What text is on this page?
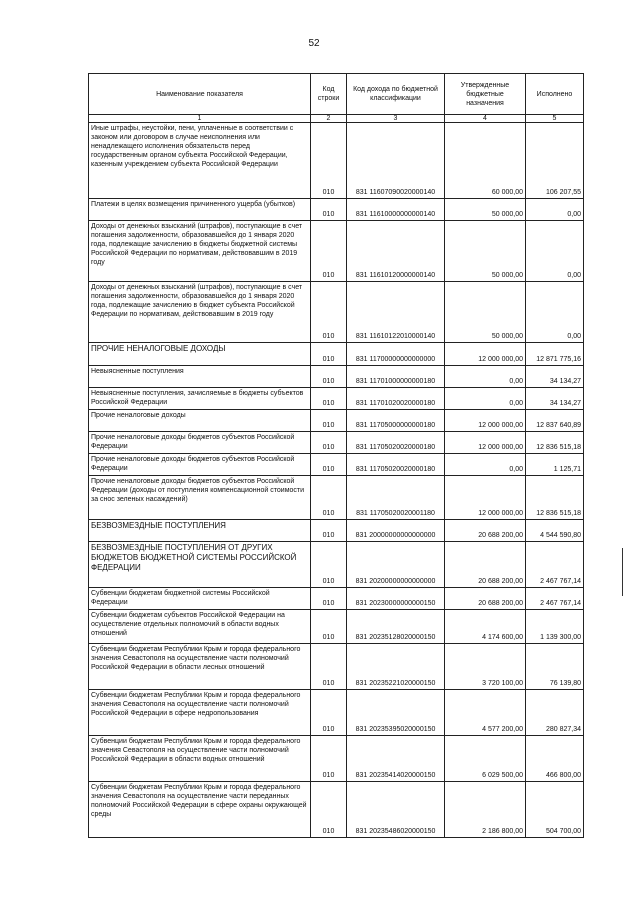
52
Наименование показателя	Код строки	Код дохода по бюджетной классификации	Утвержденные бюджетные назначения	Исполнено
1	2	3	4	5
Иные штрафы, неустойки, пени, уплаченные в соответствии с законом или договором в случае неисполнения или ненадлежащего исполнения обязательств перед государственным органом субъекта Российской Федерации, казенным учреждением субъекта Российской Федерации	010	831 11607090020000140	60 000,00	106 207,55
Платежи в целях возмещения причиненного ущерба (убытков)	010	831 11610000000000140	50 000,00	0,00
Доходы от денежных взысканий (штрафов), поступающие в счет погашения задолженности, образовавшейся до 1 января 2020 года, подлежащие зачислению в бюджеты бюджетной системы Российской Федерации по нормативам, действовавшим в 2019 году	010	831 11610120000000140	50 000,00	0,00
Доходы от денежных взысканий (штрафов), поступающие в счет погашения задолженности, образовавшейся до 1 января 2020 года, подлежащие зачислению в бюджет субъекта Российской Федерации по нормативам, действовавшим в 2019 году	010	831 11610122010000140	50 000,00	0,00
ПРОЧИЕ НЕНАЛОГОВЫЕ ДОХОДЫ	010	831 11700000000000000	12 000 000,00	12 871 775,16
Невыясненные поступления	010	831 11701000000000180	0,00	34 134,27
Невыясненные поступления, зачисляемые в бюджеты субъектов Российской Федерации	010	831 11701020020000180	0,00	34 134,27
Прочие неналоговые доходы	010	831 11705000000000180	12 000 000,00	12 837 640,89
Прочие неналоговые доходы бюджетов субъектов Российской Федерации	010	831 11705020020000180	12 000 000,00	12 836 515,18
Прочие неналоговые доходы бюджетов субъектов Российской Федерации	010	831 11705020020000180	0,00	1 125,71
Прочие неналоговые доходы бюджетов субъектов Российской Федерации (доходы от поступления компенсационной стоимости за снос зеленых насаждений)	010	831 11705020020001180	12 000 000,00	12 836 515,18
БЕЗВОЗМЕЗДНЫЕ ПОСТУПЛЕНИЯ	010	831 20000000000000000	20 688 200,00	4 544 590,80
БЕЗВОЗМЕЗДНЫЕ ПОСТУПЛЕНИЯ ОТ ДРУГИХ БЮДЖЕТОВ БЮДЖЕТНОЙ СИСТЕМЫ РОССИЙСКОЙ ФЕДЕРАЦИИ	010	831 20200000000000000	20 688 200,00	2 467 767,14
Субвенции бюджетам бюджетной системы Российской Федерации	010	831 20230000000000150	20 688 200,00	2 467 767,14
Субвенции бюджетам субъектов Российской Федерации на осуществление отдельных полномочий в области водных отношений	010	831 20235128020000150	4 174 600,00	1 139 300,00
Субвенции бюджетам Республики Крым и города федерального значения Севастополя на осуществление части полномочий Российской Федерации в области лесных отношений	010	831 20235221020000150	3 720 100,00	76 139,80
Субвенции бюджетам Республики Крым и города федерального значения Севастополя на осуществление части полномочий Российской Федерации в сфере недропользования	010	831 20235395020000150	4 577 200,00	280 827,34
Субвенции бюджетам Республики Крым и города федерального значения Севастополя на осуществление части полномочий Российской Федерации в области водных отношений	010	831 20235414020000150	6 029 500,00	466 800,00
Субвенции бюджетам Республики Крым и города федерального значения Севастополя на осуществление части переданных полномочий Российской Федерации в сфере охраны окружающей среды	010	831 20235486020000150	2 186 800,00	504 700,00
